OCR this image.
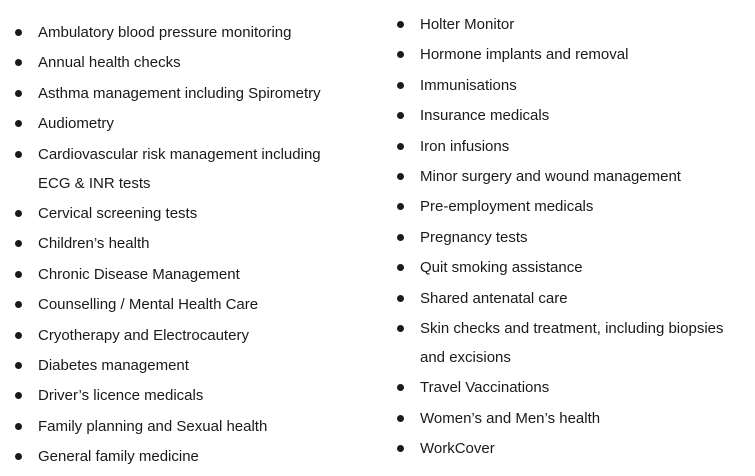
Ambulatory blood pressure monitoring
Annual health checks
Asthma management including Spirometry
Audiometry
Cardiovascular risk management including ECG & INR tests
Cervical screening tests
Children’s health
Chronic Disease Management
Counselling / Mental Health Care
Cryotherapy and Electrocautery
Diabetes management
Driver’s licence medicals
Family planning and Sexual health
General family medicine
Holter Monitor
Hormone implants and removal
Immunisations
Insurance medicals
Iron infusions
Minor surgery and wound management
Pre-employment medicals
Pregnancy tests
Quit smoking assistance
Shared antenatal care
Skin checks and treatment, including biopsies and excisions
Travel Vaccinations
Women’s and Men’s health
WorkCover
